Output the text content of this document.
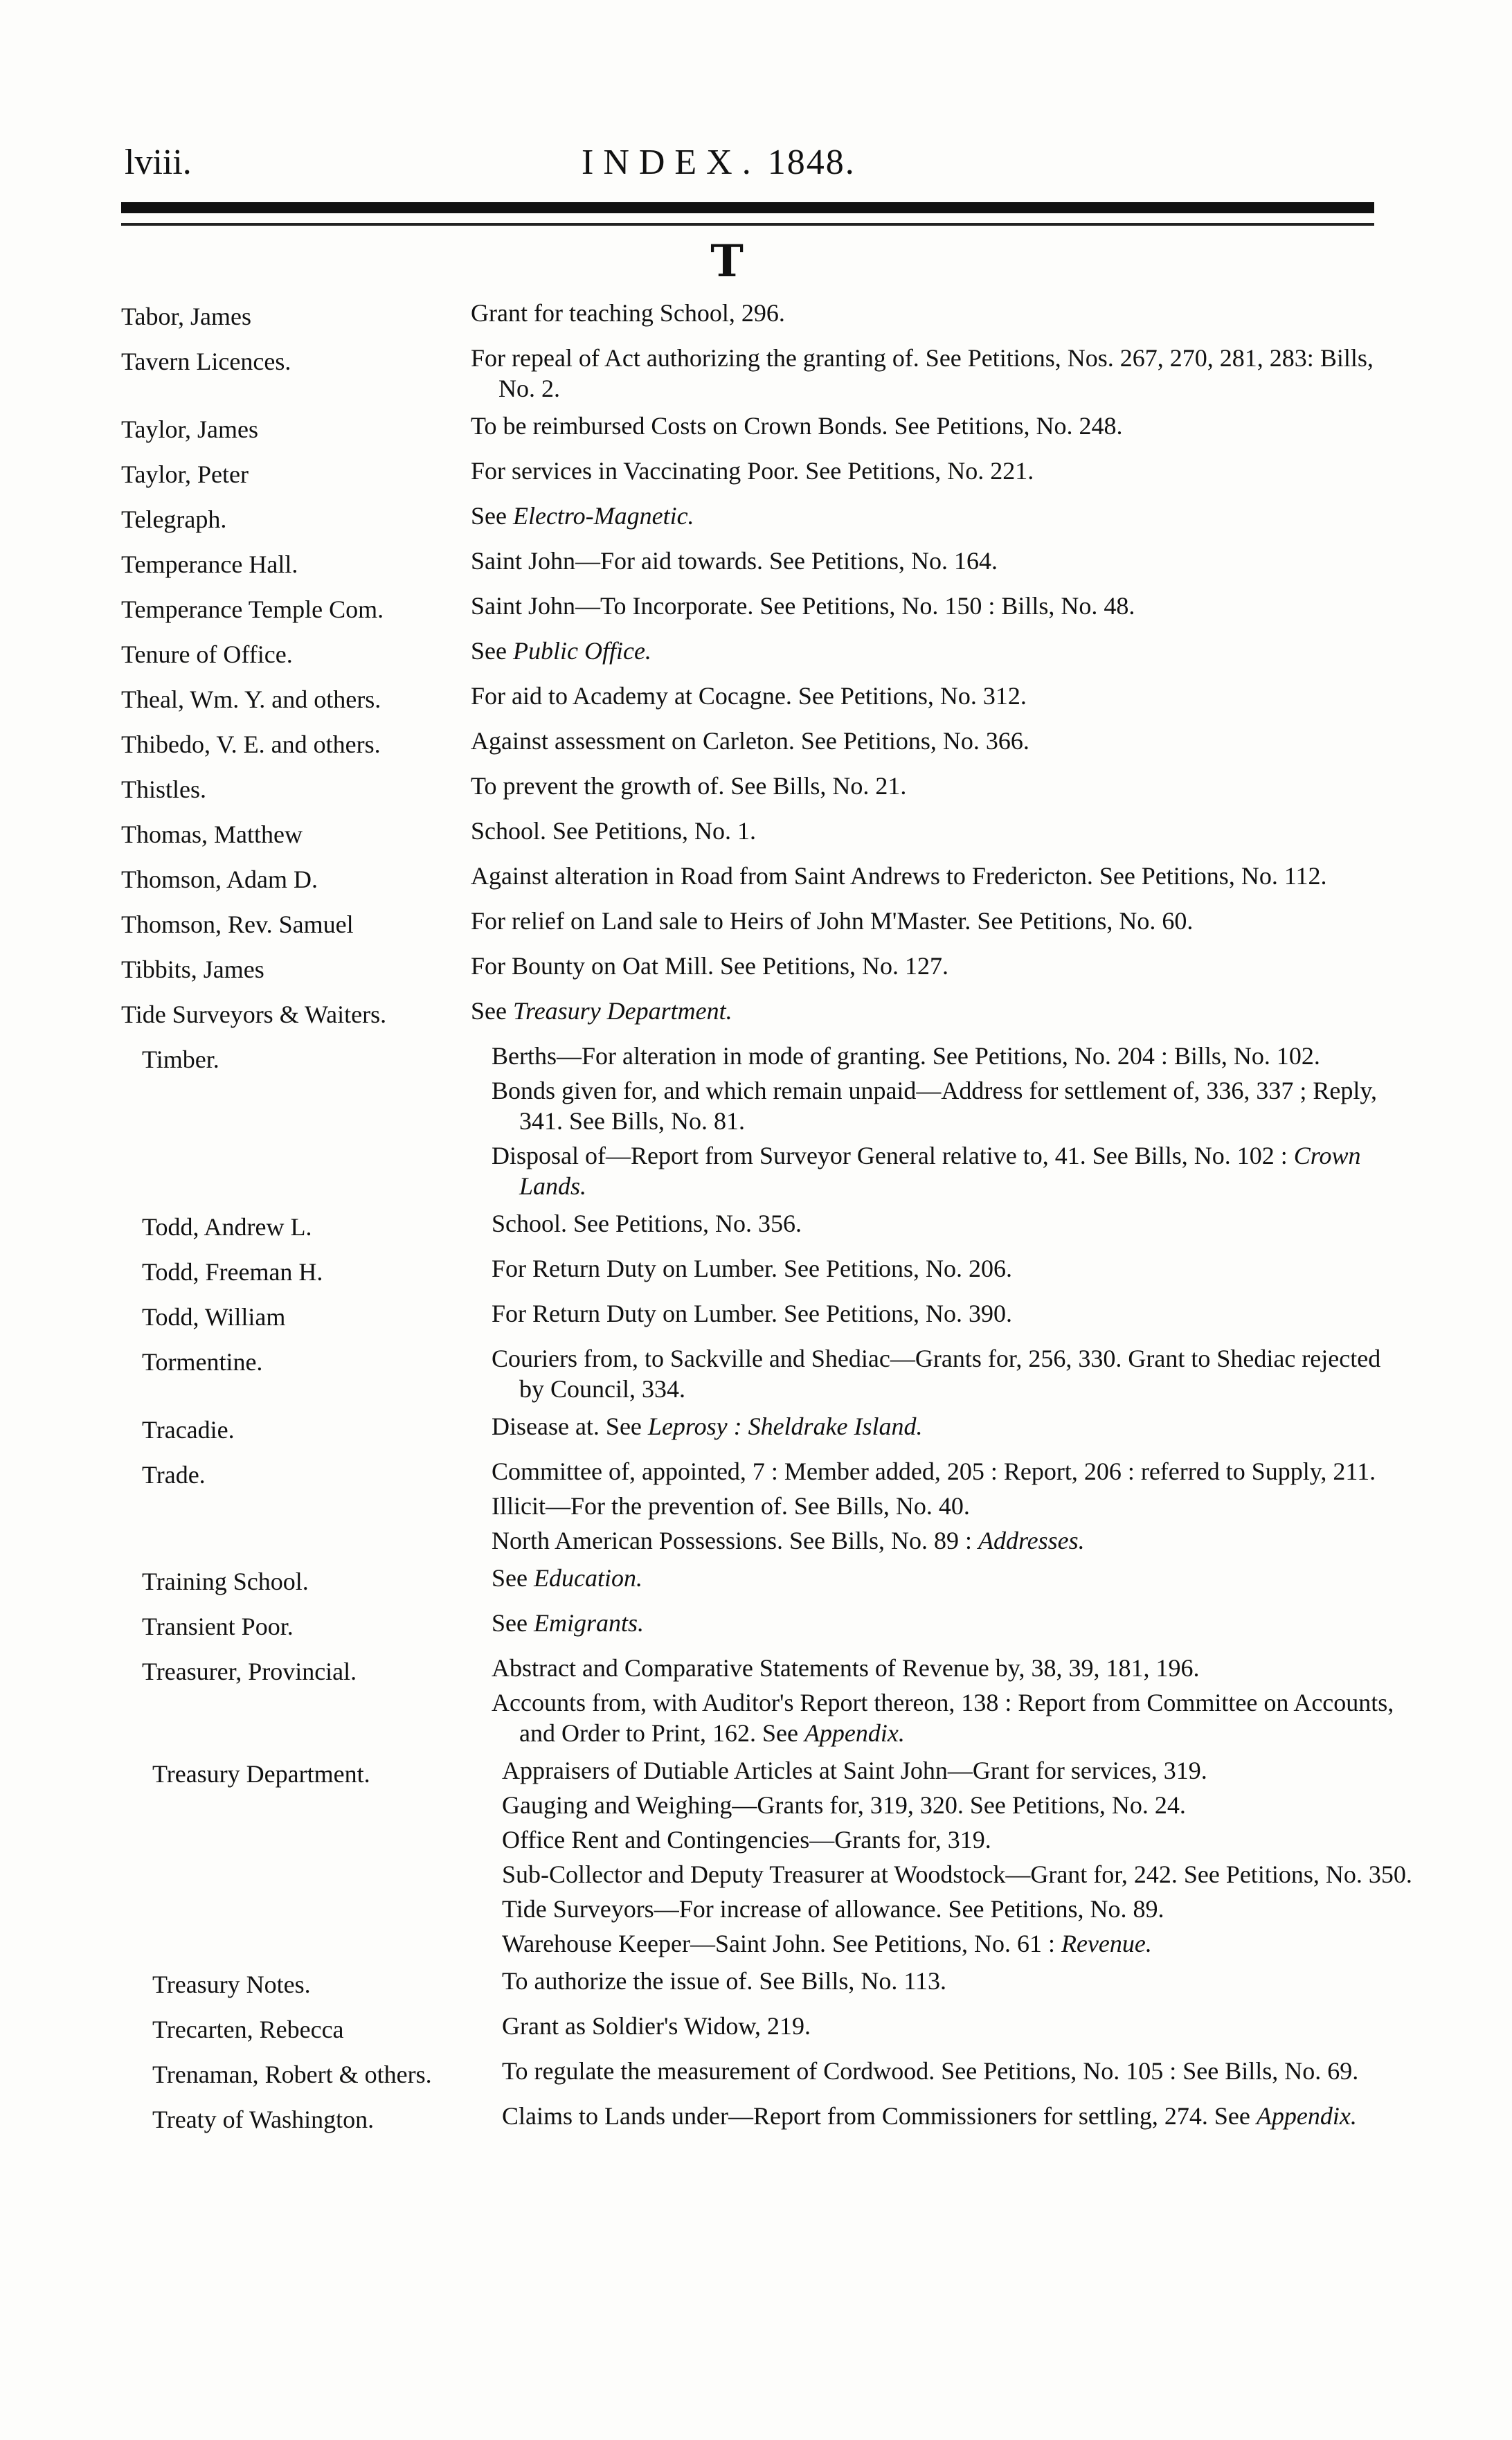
lviii.	INDEX. 1848.
T
Tabor, James	Grant for teaching School, 296.
Tavern Licences.	For repeal of Act authorizing the granting of. See Petitions, Nos. 267, 270, 281, 283: Bills, No. 2.
Taylor, James	To be reimbursed Costs on Crown Bonds. See Petitions, No. 248.
Taylor, Peter	For services in Vaccinating Poor. See Petitions, No. 221.
Telegraph.	See Electro-Magnetic.
Temperance Hall.	Saint John—For aid towards. See Petitions, No. 164.
Temperance Temple Com.	Saint John—To Incorporate. See Petitions, No. 150 : Bills, No. 48.
Tenure of Office.	See Public Office.
Theal, Wm. Y. and others.	For aid to Academy at Cocagne. See Petitions, No. 312.
Thibedo, V. E. and others.	Against assessment on Carleton. See Petitions, No. 366.
Thistles.	To prevent the growth of. See Bills, No. 21.
Thomas, Matthew	School. See Petitions, No. 1.
Thomson, Adam D.	Against alteration in Road from Saint Andrews to Fredericton. See Petitions, No. 112.
Thomson, Rev. Samuel	For relief on Land sale to Heirs of John M'Master. See Petitions, No. 60.
Tibbits, James	For Bounty on Oat Mill. See Petitions, No. 127.
Tide Surveyors & Waiters.	See Treasury Department.
Timber.	Berths—For alteration in mode of granting. See Petitions, No. 204 : Bills, No. 102.
Bonds given for, and which remain unpaid—Address for settlement of, 336, 337 ; Reply, 341. See Bills, No. 81.
Disposal of—Report from Surveyor General relative to, 41. See Bills, No. 102 : Crown Lands.
Todd, Andrew L.	School. See Petitions, No. 356.
Todd, Freeman H.	For Return Duty on Lumber. See Petitions, No. 206.
Todd, William	For Return Duty on Lumber. See Petitions, No. 390.
Tormentine.	Couriers from, to Sackville and Shediac—Grants for, 256, 330. Grant to Shediac rejected by Council, 334.
Tracadie.	Disease at. See Leprosy : Sheldrake Island.
Trade.	Committee of, appointed, 7 : Member added, 205 : Report, 206 : referred to Supply, 211.
Illicit—For the prevention of. See Bills, No. 40.
North American Possessions. See Bills, No. 89 : Addresses.
Training School.	See Education.
Transient Poor.	See Emigrants.
Treasurer, Provincial.	Abstract and Comparative Statements of Revenue by, 38, 39, 181, 196.
Accounts from, with Auditor's Report thereon, 138 : Report from Committee on Accounts, and Order to Print, 162. See Appendix.
Treasury Department.	Appraisers of Dutiable Articles at Saint John—Grant for services, 319.
Gauging and Weighing—Grants for, 319, 320. See Petitions, No. 24.
Office Rent and Contingencies—Grants for, 319.
Sub-Collector and Deputy Treasurer at Woodstock—Grant for, 242. See Petitions, No. 350.
Tide Surveyors—For increase of allowance. See Petitions, No. 89.
Warehouse Keeper—Saint John. See Petitions, No. 61 : Revenue.
Treasury Notes.	To authorize the issue of. See Bills, No. 113.
Trecarten, Rebecca	Grant as Soldier's Widow, 219.
Trenaman, Robert & others.	To regulate the measurement of Cordwood. See Petitions, No. 105 : See Bills, No. 69.
Treaty of Washington.	Claims to Lands under—Report from Commissioners for settling, 274. See Appendix.
